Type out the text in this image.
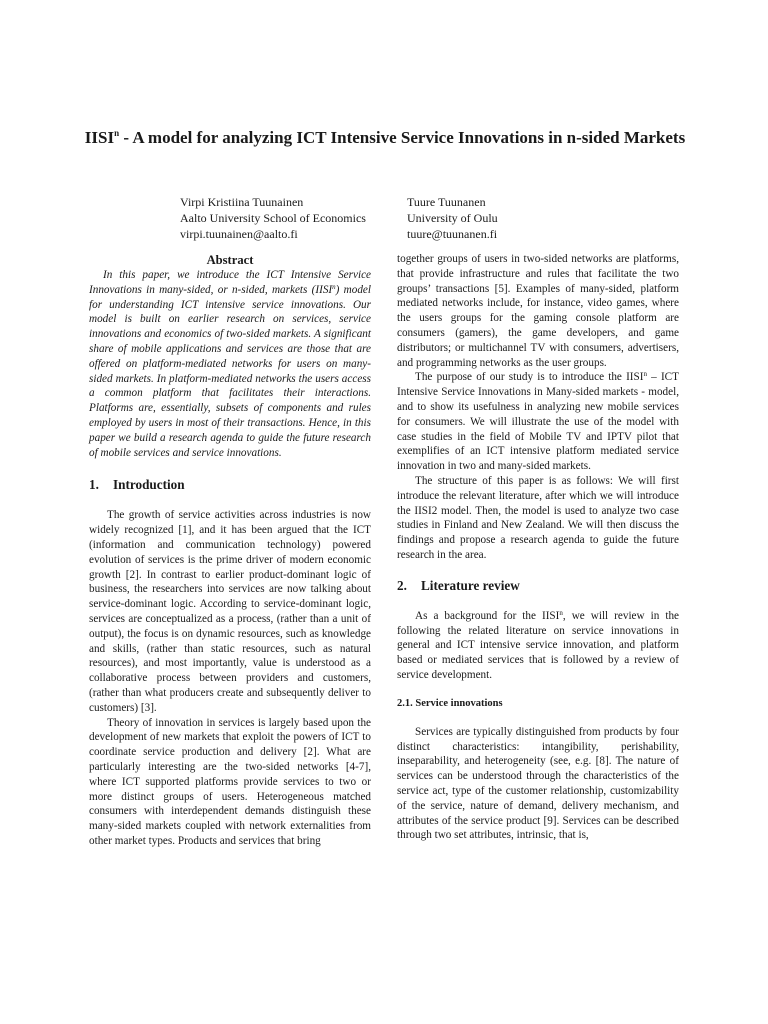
IISI$^n$ - A model for analyzing ICT Intensive Service Innovations in n-sided Markets
Virpi Kristiina Tuunainen
Aalto University School of Economics
virpi.tuunainen@aalto.fi
Tuure Tuunanen
University of Oulu
tuure@tuunanen.fi
Abstract

In this paper, we introduce the ICT Intensive Service Innovations in many-sided, or n-sided, markets (IISI$^n$) model for understanding ICT intensive service innovations. Our model is built on earlier research on services, service innovations and economics of two-sided markets. A significant share of mobile applications and services are those that are offered on platform-mediated networks for users on many-sided markets. In platform-mediated networks the users access a common platform that facilitates their interactions. Platforms are, essentially, subsets of components and rules employed by users in most of their transactions. Hence, in this paper we build a research agenda to guide the future research of mobile services and service innovations.

1.	Introduction

The growth of service activities across industries is now widely recognized [1], and it has been argued that the ICT (information and communication technology) powered evolution of services is the prime driver of modern economic growth [2]. In contrast to earlier product-dominant logic of business, the researchers into services are now talking about service-dominant logic. According to service-dominant logic, services are conceptualized as a process, (rather than a unit of output), the focus is on dynamic resources, such as knowledge and skills, (rather than static resources, such as natural resources), and most importantly, value is understood as a collaborative process between providers and customers, (rather than what producers create and subsequently deliver to customers) [3].

Theory of innovation in services is largely based upon the development of new markets that exploit the powers of ICT to coordinate service production and delivery [2]. What are particularly interesting are the two-sided networks [4-7], where ICT supported platforms provide services to two or more distinct groups of users. Heterogeneous matched consumers with interdependent demands distinguish these many-sided markets coupled with network externalities from other market types. Products and services that bring

together groups of users in two-sided networks are platforms, that provide infrastructure and rules that facilitate the two groups’ transactions [5]. Examples of many-sided, platform mediated networks include, for instance, video games, where the users groups for the gaming console platform are consumers (gamers), the game developers, and game distributors; or multichannel TV with consumers, advertisers, and programming networks as the user groups.

The purpose of our study is to introduce the IISI$^n$ – ICT Intensive Service Innovations in Many-sided markets - model, and to show its usefulness in analyzing new mobile services for consumers. We will illustrate the use of the model with case studies in the field of Mobile TV and IPTV pilot that exemplifies of an ICT intensive platform mediated service innovation in two and many-sided markets.

The structure of this paper is as follows: We will first introduce the relevant literature, after which we will introduce the IISI2 model. Then, the model is used to analyze two case studies in Finland and New Zealand. We will then discuss the findings and propose a research agenda to guide the future research in the area.

2.	Literature review

As a background for the IISI$^n$, we will review in the following the related literature on service innovations in general and ICT intensive service innovation, and platform based or mediated services that is followed by a review of service development.

2.1. Service innovations

Services are typically distinguished from products by four distinct characteristics: intangibility, perishability, inseparability, and heterogeneity (see, e.g. [8]. The nature of services can be understood through the characteristics of the service act, type of the customer relationship, customizability of the service, nature of demand, delivery mechanism, and attributes of the service product [9]. Services can be described through two set attributes, intrinsic, that is,
